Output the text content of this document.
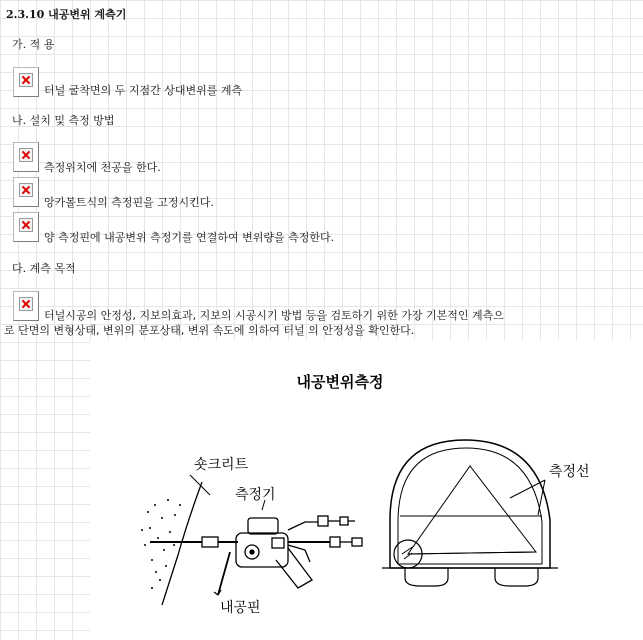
2.3.10 내공변위 계측기
가. 적 용
터널 굴착면의 두 지점간 상대변위를 계측
나. 설치 및 측정 방법
측정위치에 천공을 한다.
앙카볼트식의 측정핀을 고정시킨다.
양 측정핀에 내공변위 측정기를 연결하여 변위량을 측정한다.
다. 계측 목적
터널시공의 안정성, 지보의효과, 지보의 시공시기 방법 등을 검토하기 위한 가장 기본적인 계측으
로 단면의 변형상태, 변위의 분포상태, 변위 속도에 의하여 터널 의 안정성을 확인한다.
내공변위측정
숏크리트
측정기
내공핀
측정선
